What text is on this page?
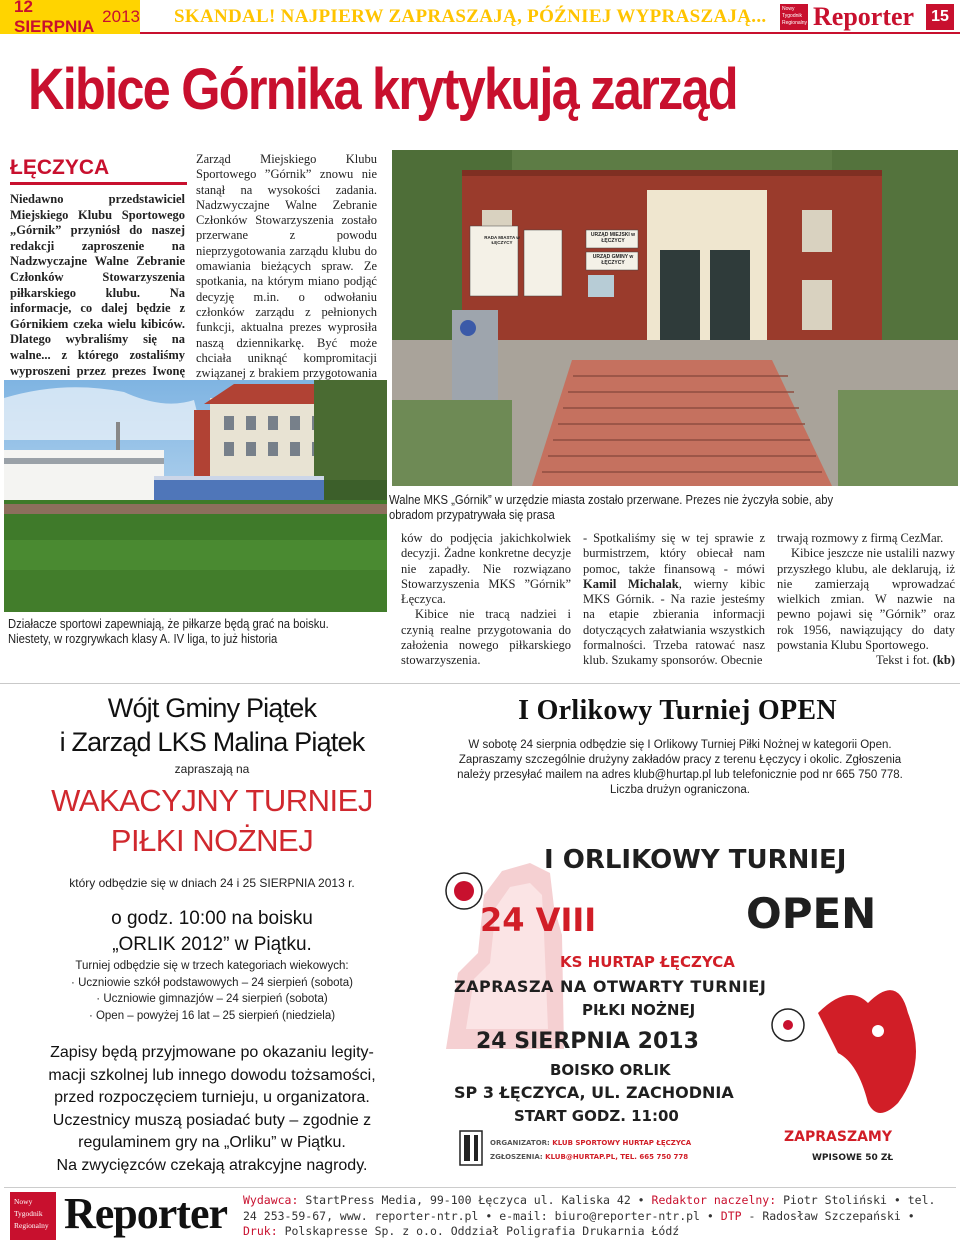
12 SIERPNIA
2013 SKANDAL! NAJPIERW ZAPRASZAJĄ, PÓŹNIEJ WYPRASZAJĄ...	Nowy Tygodnik Regionalny Reporter	15
Kibice Górnika krytykują zarząd
ŁĘCZYCA
Niedawno przedstawiciel Miejskiego Klubu Sportowego „Górnik” przyniósł do naszej redakcji zaproszenie na Nadzwyczajne Walne Zebranie Członków Stowarzyszenia piłkarskiego klubu. Na informacje, co dalej będzie z Górnikiem czeka wielu kibiców. Dlatego wybraliśmy się na walne... z którego zostaliśmy wyproszeni przez prezes Iwonę

Zarząd Miejskiego Klubu Sportowego ”Górnik” znowu nie stanął na wysokości zadania. Nadzwyczajne Walne Zebranie Członków Stowarzyszenia zostało przerwane z powodu nieprzygotowania zarządu klubu do omawiania bieżących spraw. Ze spotkania, na którym miano podjąć decyzję m.in. o odwołaniu członków zarządu z pełnionych funkcji, aktualna prezes wyprosiła naszą dziennikarkę. Być może chciała uniknąć kompromitacji związanej z brakiem przygotowania

RADA MIASTA w ŁĘCZYCY
URZĄD MIEJSKI w ŁĘCZYCY
URZĄD GMINY w ŁĘCZYCY
Walne MKS „Górnik” w urzędzie miasta zostało przerwane. Prezes nie życzyła sobie, aby obradom przypatrywała się prasa
Działacze sportowi zapewniają, że piłkarze będą grać na boisku. Niestety, w rozgrywkach klasy A. IV liga, to już historia

ków do podjęcia jakichkolwiek decyzji. Żadne konkretne decyzje nie zapadły. Nie rozwiązano Stowarzyszenia MKS ”Górnik” Łęczyca.

Kibice nie tracą nadziei i czynią realne przygotowania do założenia nowego piłkarskiego stowarzyszenia.

- Spotkaliśmy się w tej sprawie z burmistrzem, który obiecał nam pomoc, także finansową - mówi Kamil Michalak, wierny kibic MKS Górnik. - Na razie jesteśmy na etapie zbierania informacji dotyczących załatwiania wszystkich formalności. Trzeba ratować nasz klub. Szukamy sponsorów. Obecnie

trwają rozmowy z firmą CezMar.

Kibice jeszcze nie ustalili nazwy przyszłego klubu, ale deklarują, iż nie zamierzają wprowadzać wielkich zmian. W nazwie na pewno pojawi się ”Górnik” oraz rok 1956, nawiązujący do daty powstania Klubu Sportowego.

Tekst i fot. (kb)
Wójt Gminy Piątek
i Zarząd LKS Malina Piątek
zapraszają na
WAKACYJNY TURNIEJ
PIŁKI NOŻNEJ
który odbędzie się w dniach 24 i 25 SIERPNIA 2013 r.
o godz. 10:00 na boisku
„ORLIK 2012” w Piątku.
Turniej odbędzie się w trzech kategoriach wiekowych:
· Uczniowie szkół podstawowych – 24 sierpień (sobota)
· Uczniowie gimnazjów – 24 sierpień (sobota)
· Open – powyżej 16 lat – 25 sierpień (niedziela)
Zapisy będą przyjmowane po okazaniu legity-
macji szkolnej lub innego dowodu tożsamości,
przed rozpoczęciem turnieju, u organizatora.
Uczestnicy muszą posiadać buty – zgodnie z
regulaminem gry na „Orliku” w Piątku.
Na zwycięzców czekają atrakcyjne nagrody.
I Orlikowy Turniej OPEN
W sobotę 24 sierpnia odbędzie się I Orlikowy Turniej Piłki Nożnej w kategorii Open. Zapraszamy szczególnie drużyny zakładów pracy z terenu Łęczycy i okolic. Zgłoszenia należy przesyłać mailem na adres klub@hurtap.pl lub telefonicznie pod nr 665 750 778. Liczba drużyn ograniczona.
I ORLIKOWY TURNIEJ
24 VIII	OPEN
KS HURTAP ŁĘCZYCA
ZAPRASZA NA OTWARTY TURNIEJ
PIŁKI NOŻNEJ
24 SIERPNIA 2013
BOISKO ORLIK
SP 3 ŁĘCZYCA, UL. ZACHODNIA
START GODZ. 11:00
ZAPRASZAMY
WPISOWE 50 ZŁ
ORGANIZATOR: KLUB SPORTOWY HURTAP ŁĘCZYCA
ZGŁOSZENIA: KLUB@HURTAP.PL, TEL. 665 750 778
Nowy Tygodnik Regionalny Reporter Wydawca: StartPress Media, 99-100 Łęczyca ul. Kaliska 42 • Redaktor naczelny: Piotr Stoliński • tel. 24 253-59-67, www. reporter-ntr.pl • e-mail: biuro@reporter-ntr.pl • DTP - Radosław Szczepański • Druk: Polskapresse Sp. z o.o. Oddział Poligrafia Drukarnia Łódź
